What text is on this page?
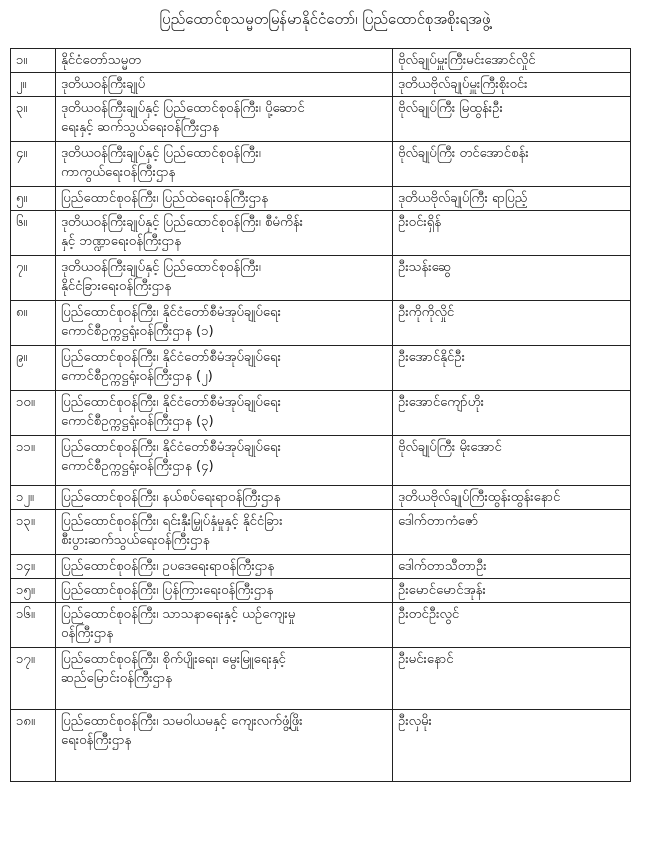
ပြည်ထောင်စုသမ္မတမြန်မာနိုင်ငံတော်၊ ပြည်ထောင်စုအစိုးရအဖွဲ့
၁။	နိုင်ငံတော်သမ္မတ	ဗိုလ်ချုပ်မှူးကြီးမင်းအောင်လှိုင်
၂။	ဒုတိယဝန်ကြီးချုပ်	ဒုတိယဗိုလ်ချုပ်မှူးကြီးစိုးဝင်း
၃။	ဒုတိယဝန်ကြီးချုပ်နှင့် ပြည်ထောင်စုဝန်ကြီး၊ ပို့ဆောင်
ရေးနှင့် ဆက်သွယ်ရေးဝန်ကြီးဌာန	ဗိုလ်ချုပ်ကြီး မြထွန်းဦး
၄။	ဒုတိယဝန်ကြီးချုပ်နှင့် ပြည်ထောင်စုဝန်ကြီး၊
ကာကွယ်ရေးဝန်ကြီးဌာန	ဗိုလ်ချုပ်ကြီး တင်အောင်စန်း
၅။	ပြည်ထောင်စုဝန်ကြီး၊ ပြည်ထဲရေးဝန်ကြီးဌာန	ဒုတိယဗိုလ်ချုပ်ကြီး ရာပြည့်
၆။	ဒုတိယဝန်ကြီးချုပ်နှင့် ပြည်ထောင်စုဝန်ကြီး၊ စီမံကိန်း
နှင့် ဘဏ္ဍာရေးဝန်ကြီးဌာန	ဦးဝင်းရှိန်
၇။	ဒုတိယဝန်ကြီးချုပ်နှင့် ပြည်ထောင်စုဝန်ကြီး၊
နိုင်ငံခြားရေးဝန်ကြီးဌာန	ဦးသန်းဆွေ
၈။	ပြည်ထောင်စုဝန်ကြီး၊ နိုင်ငံတော်စီမံအုပ်ချုပ်ရေး
ကောင်စီဥက္ကဋ္ဌရုံးဝန်ကြီးဌာန (၁)	ဦးကိုကိုလှိုင်
၉။	ပြည်ထောင်စုဝန်ကြီး၊ နိုင်ငံတော်စီမံအုပ်ချုပ်ရေး
ကောင်စီဥက္ကဋ္ဌရုံးဝန်ကြီးဌာန (၂)	ဦးအောင်နိုင်ဦး
၁၀။	ပြည်ထောင်စုဝန်ကြီး၊ နိုင်ငံတော်စီမံအုပ်ချုပ်ရေး
ကောင်စီဥက္ကဋ္ဌရုံးဝန်ကြီးဌာန (၃)	ဦးအောင်ကျော်ဟိုး
၁၁။	ပြည်ထောင်စုဝန်ကြီး၊ နိုင်ငံတော်စီမံအုပ်ချုပ်ရေး
ကောင်စီဥက္ကဋ္ဌရုံးဝန်ကြီးဌာန (၄)	ဗိုလ်ချုပ်ကြီး မိုးအောင်
၁၂။	ပြည်ထောင်စုဝန်ကြီး၊ နယ်စပ်ရေးရာဝန်ကြီးဌာန	ဒုတိယဗိုလ်ချုပ်ကြီးထွန်းထွန်းနောင်
၁၃။	ပြည်ထောင်စုဝန်ကြီး၊ ရင်းနှီးမြှုပ်နှံမှုနှင့် နိုင်ငံခြား
စီးပွားဆက်သွယ်ရေးဝန်ကြီးဌာန	ဒေါက်တာကံဇော်
၁၄။	ပြည်ထောင်စုဝန်ကြီး၊ ဥပဒေရေးရာဝန်ကြီးဌာန	ဒေါက်တာသီတာဦး
၁၅။	ပြည်ထောင်စုဝန်ကြီး၊ ပြန်ကြားရေးဝန်ကြီးဌာန	ဦးမောင်မောင်အုန်း
၁၆။	ပြည်ထောင်စုဝန်ကြီး၊ သာသနာရေးနှင့် ယဉ်ကျေးမှု
ဝန်ကြီးဌာန	ဦးတင်ဦးလွင်
၁၇။	ပြည်ထောင်စုဝန်ကြီး၊ စိုက်ပျိုးရေး၊ မွေးမြူရေးနှင့်
ဆည်မြောင်းဝန်ကြီးဌာန	ဦးမင်းနောင်
၁၈။	ပြည်ထောင်စုဝန်ကြီး၊ သမဝါယမနှင့် ကျေးလက်ဖွံ့ဖြိုး
ရေးဝန်ကြီးဌာန	ဦးလှမိုး
